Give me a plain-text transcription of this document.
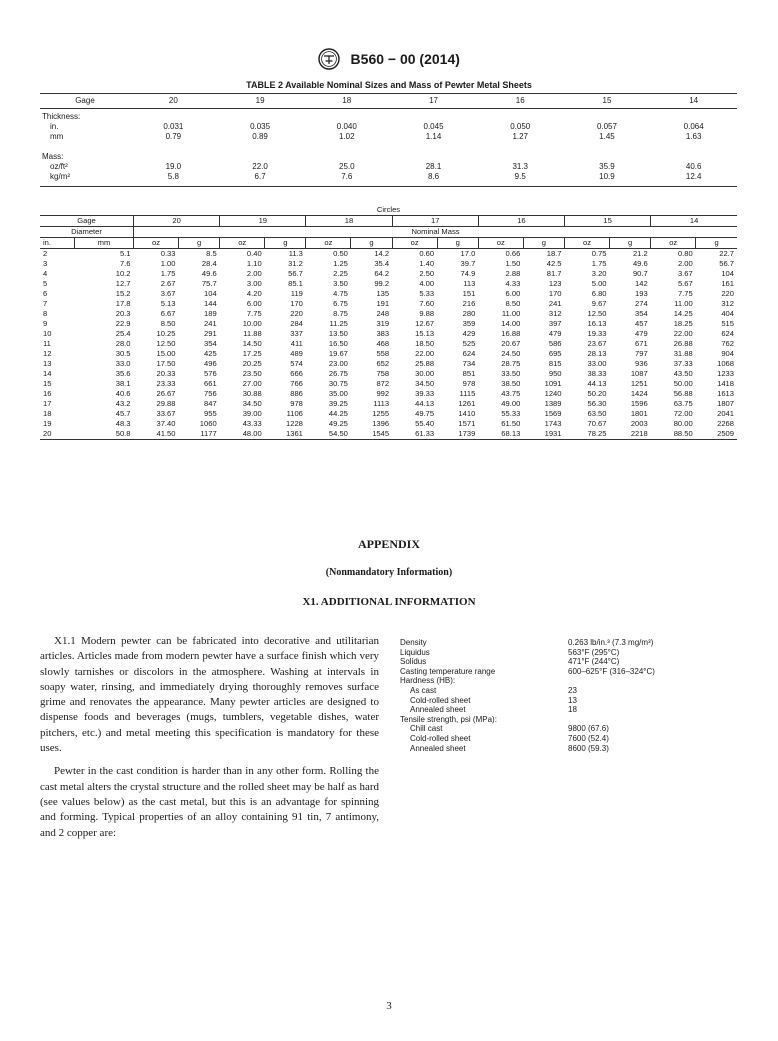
B560 − 00 (2014)
TABLE 2 Available Nominal Sizes and Mass of Pewter Metal Sheets
Gage	20	19	18	17	16	15	14
Thickness:
in.	0.031	0.035	0.040	0.045	0.050	0.057	0.064
mm	0.79	0.89	1.02	1.14	1.27	1.45	1.63
Mass:
oz/ft²	19.0	22.0	25.0	28.1	31.3	35.9	40.6
kg/m²	5.8	6.7	7.6	8.6	9.5	10.9	12.4
Circles															
Gage		20		19		18		17		16		15		14	
Diameter		Nominal Mass													
in.	mm	oz	g	oz	g	oz	g	oz	g	oz	g	oz	g	oz	g
2	5.1	0.33	8.5	0.40	11.3	0.50	14.2	0.60	17.0	0.66	18.7	0.75	21.2	0.80	22.7
3	7.6	1.00	28.4	1.10	31.2	1.25	35.4	1.40	39.7	1.50	42.5	1.75	49.6	2.00	56.7
4	10.2	1.75	49.6	2.00	56.7	2.25	64.2	2.50	74.9	2.88	81.7	3.20	90.7	3.67	104
5	12.7	2.67	75.7	3.00	85.1	3.50	99.2	4.00	113	4.33	123	5.00	142	5.67	161
6	15.2	3.67	104	4.20	119	4.75	135	5.33	151	6.00	170	6.80	193	7.75	220
7	17.8	5.13	144	6.00	170	6.75	191	7.60	216	8.50	241	9.67	274	11.00	312
8	20.3	6.67	189	7.75	220	8.75	248	9.88	280	11.00	312	12.50	354	14.25	404
9	22.9	8.50	241	10.00	284	11.25	319	12.67	359	14.00	397	16.13	457	18.25	515
10	25.4	10.25	291	11.88	337	13.50	383	15.13	429	16.88	479	19.33	479	22.00	624
11	28.0	12.50	354	14.50	411	16.50	468	18.50	525	20.67	586	23.67	671	26.88	762
12	30.5	15.00	425	17.25	489	19.67	558	22.00	624	24.50	695	28.13	797	31.88	904
13	33.0	17.50	496	20.25	574	23.00	652	25.88	734	28.75	815	33.00	936	37.33	1068
14	35.6	20.33	576	23.50	666	26.75	758	30.00	851	33.50	950	38.33	1087	43.50	1233
15	38.1	23.33	661	27.00	766	30.75	872	34.50	978	38.50	1091	44.13	1251	50.00	1418
16	40.6	26.67	756	30.88	886	35.00	992	39.33	1115	43.75	1240	50.20	1424	56.88	1613
17	43.2	29.88	847	34.50	978	39.25	1113	44.13	1261	49.00	1389	56.30	1596	63.75	1807
18	45.7	33.67	955	39.00	1106	44.25	1255	49.75	1410	55.33	1569	63.50	1801	72.00	2041
19	48.3	37.40	1060	43.33	1228	49.25	1396	55.40	1571	61.50	1743	70.67	2003	80.00	2268
20	50.8	41.50	1177	48.00	1361	54.50	1545	61.33	1739	68.13	1931	78.25	2218	88.50	2509
APPENDIX
(Nonmandatory Information)
X1. ADDITIONAL INFORMATION

X1.1 Modern pewter can be fabricated into decorative and utilitarian articles. Articles made from modern pewter have a surface finish which very slowly tarnishes or discolors in the atmosphere. Washing at intervals in soapy water, rinsing, and immediately drying thoroughly removes surface grime and renovates the appearance. Many pewter articles are designed to dispense foods and beverages (mugs, tumblers, vegetable dishes, water pitchers, etc.) and metal meeting this specification is mandatory for these uses.

Pewter in the cast condition is harder than in any other form. Rolling the cast metal alters the crystal structure and the rolled sheet may be half as hard (see values below) as the cast metal, but this is an advantage for spinning and forming. Typical properties of an alloy containing 91 tin, 7 antimony, and 2 copper are:

Density	0.263 lb/in.³ (7.3 mg/m³)
Liquidus	563°F (295°C)
Solidus	471°F (244°C)
Casting temperature range	600–625°F (316–324°C)
Hardness (HB):
As cast	23
Cold-rolled sheet	13
Annealed sheet	18
Tensile strength, psi (MPa):
Chill cast	9800 (67.6)
Cold-rolled sheet	7600 (52.4)
Annealed sheet	8600 (59.3)
3
